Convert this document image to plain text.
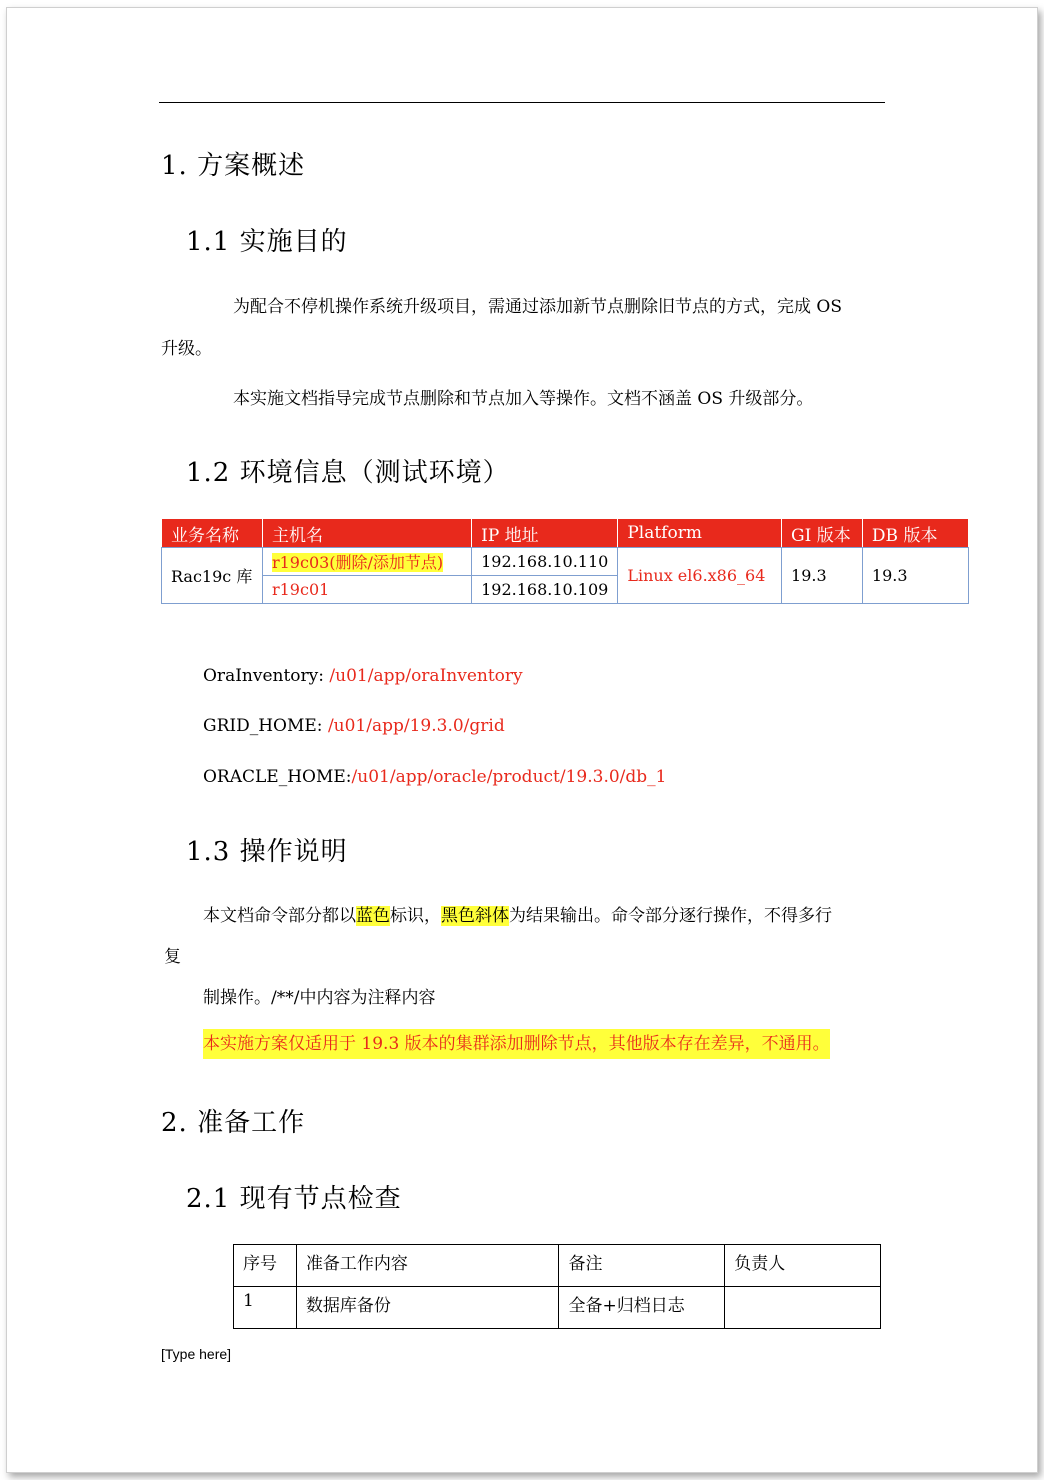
1. 方案概述
1.1 实施目的
为配合不停机操作系统升级项目，需通过添加新节点删除旧节点的方式，完成 OS
升级。
本实施文档指导完成节点删除和节点加入等操作。文档不涵盖 OS 升级部分。
1.2 环境信息（测试环境）
业务名称	主机名	IP 地址	Platform	GI 版本	DB 版本
Rac19c 库	r19c03(删除/添加节点)	192.168.10.110	Linux el6.x86_64	19.3	19.3
	r19c01	192.168.10.109			
OraInventory: /u01/app/oraInventory
GRID_HOME: /u01/app/19.3.0/grid
ORACLE_HOME:/u01/app/oracle/product/19.3.0/db_1
1.3 操作说明
本文档命令部分都以蓝色标识，黑色斜体为结果输出。命令部分逐行操作，不得多行
复
制操作。/**/中内容为注释内容
本实施方案仅适用于 19.3 版本的集群添加删除节点，其他版本存在差异，不通用。
2. 准备工作
2.1 现有节点检查
序号	准备工作内容	备注	负责人
1	数据库备份	全备+归档日志	
[Type here]
